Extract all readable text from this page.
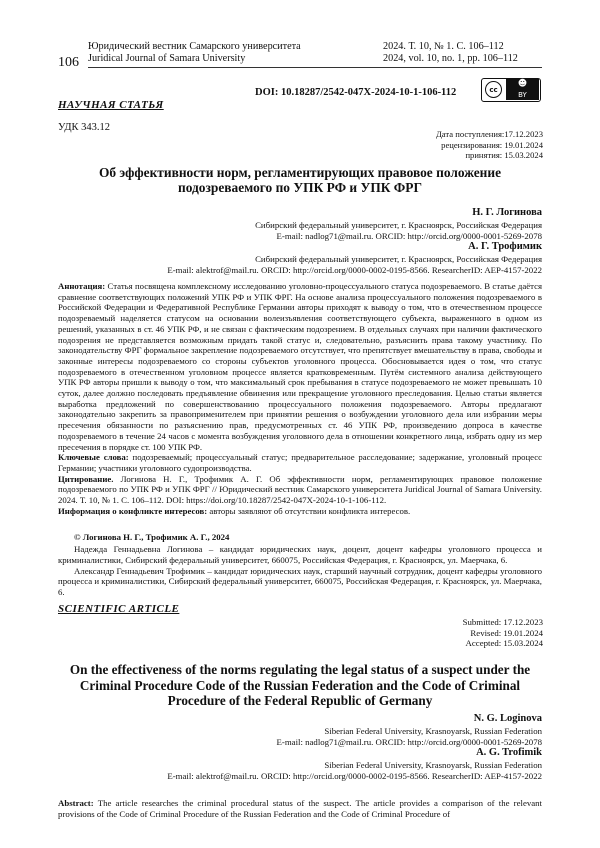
106
Юридический вестник Самарского университета
Juridical Journal of Samara University
2024. Т. 10, № 1. С. 106–112
2024, vol. 10, no. 1, pp. 106–112
НАУЧНАЯ СТАТЬЯ
DOI: 10.18287/2542-047X-2024-10-1-106-112	cc
☻
BY
УДК 343.12
Дата поступления:17.12.2023
рецензирования: 19.01.2024
принятия: 15.03.2024
Об эффективности норм, регламентирующих правовое положение подозреваемого по УПК РФ и УПК ФРГ
Н. Г. Логинова
Сибирский федеральный университет, г. Красноярск, Российская Федерация
E-mail: nadlog71@mail.ru. ORCID: http://orcid.org/0000-0001-5269-2078
А. Г. Трофимик
Сибирский федеральный университет, г. Красноярск, Российская Федерация
E-mail: alektrof@mail.ru. ORCID: http://orcid.org/0000-0002-0195-8566. ResearcherID: AEP-4157-2022

Аннотация: Статья посвящена комплексному исследованию уголовно-процессуального статуса подозреваемого. В статье даётся сравнение соответствующих положений УПК РФ и УПК ФРГ. На основе анализа процессуального положения подозреваемого в Российской Федерации и Федеративной Республике Германии авторы приходят к выводу о том, что в отечественном процессе подозреваемый наделяется статусом на основании волеизъявления соответствующего субъекта, выраженного в одном из решений, указанных в ст. 46 УПК РФ, и не связан с фактическим подозрением. В отдельных случаях при наличии фактического подозрения не представляется возможным придать такой статус и, следовательно, разъяснить права такому участнику. По законодательству ФРГ формальное закрепление подозреваемого отсутствует, что препятствует вмешательству в права, свободы и законные интересы подозреваемого со стороны субъектов уголовного процесса. Обосновывается идея о том, что статус подозреваемого в отечественном уголовном процессе является кратковременным. Путём системного анализа действующего УПК РФ авторы пришли к выводу о том, что максимальный срок пребывания в статусе подозреваемого не может превышать 10 суток, далее должно последовать предъявление обвинения или прекращение уголовного преследования. Целью статьи является выработка предложений по совершенствованию процессуального положения подозреваемого. Авторы предлагают законодательно закрепить за правоприменителем при принятии решения о возбуждении уголовного дела или избрании меры пресечения обязанности по разъяснению прав, предусмотренных ст. 46 УПК РФ, произведению допроса в качестве подозреваемого в течение 24 часов с момента возбуждения уголовного дела в отношении конкретного лица, избрать одну из мер пресечения в порядке ст. 100 УПК РФ.

Ключевые слова: подозреваемый; процессуальный статус; предварительное расследование; задержание, уголовный процесс Германии; участники уголовного судопроизводства.

Цитирование. Логинова Н. Г., Трофимик А. Г. Об эффективности норм, регламентирующих правовое положение подозреваемого по УПК РФ и УПК ФРГ // Юридический вестник Самарского университета Juridical Journal of Samara University. 2024. Т. 10, № 1. С. 106–112. DOI: https://doi.org/10.18287/2542-047X-2024-10-1-106-112.

Информация о конфликте интересов: авторы заявляют об отсутствии конфликта интересов.

© Логинова Н. Г., Трофимик А. Г., 2024

Надежда Геннадьевна Логинова – кандидат юридических наук, доцент, доцент кафедры уголовного процесса и криминалистики, Сибирский федеральный университет, 660075, Российская Федерация, г. Красноярск, ул. Маерчака, 6.

Александр Геннадьевич Трофимик – кандидат юридических наук, старший научный сотрудник, доцент кафедры уголовного процесса и криминалистики, Сибирский федеральный университет, 660075, Российская Федерация, г. Красноярск, ул. Маерчака, 6.

SCIENTIFIC ARTICLE
Submitted: 17.12.2023
Revised: 19.01.2024
Accepted: 15.03.2024
On the effectiveness of the norms regulating the legal status of a suspect under the Criminal Procedure Code of the Russian Federation and the Code of Criminal Procedure of the Federal Republic of Germany
N. G. Loginova
Siberian Federal University, Krasnoyarsk, Russian Federation
E-mail: nadlog71@mail.ru. ORCID: http://orcid.org/0000-0001-5269-2078
A. G. Trofimik
Siberian Federal University, Krasnoyarsk, Russian Federation
E-mail: alektrof@mail.ru. ORCID: http://orcid.org/0000-0002-0195-8566. ResearcherID: AEP-4157-2022

Abstract: The article researches the criminal procedural status of the suspect. The article provides a comparison of the relevant provisions of the Code of Criminal Procedure of the Russian Federation and the Code of Criminal Procedure of
